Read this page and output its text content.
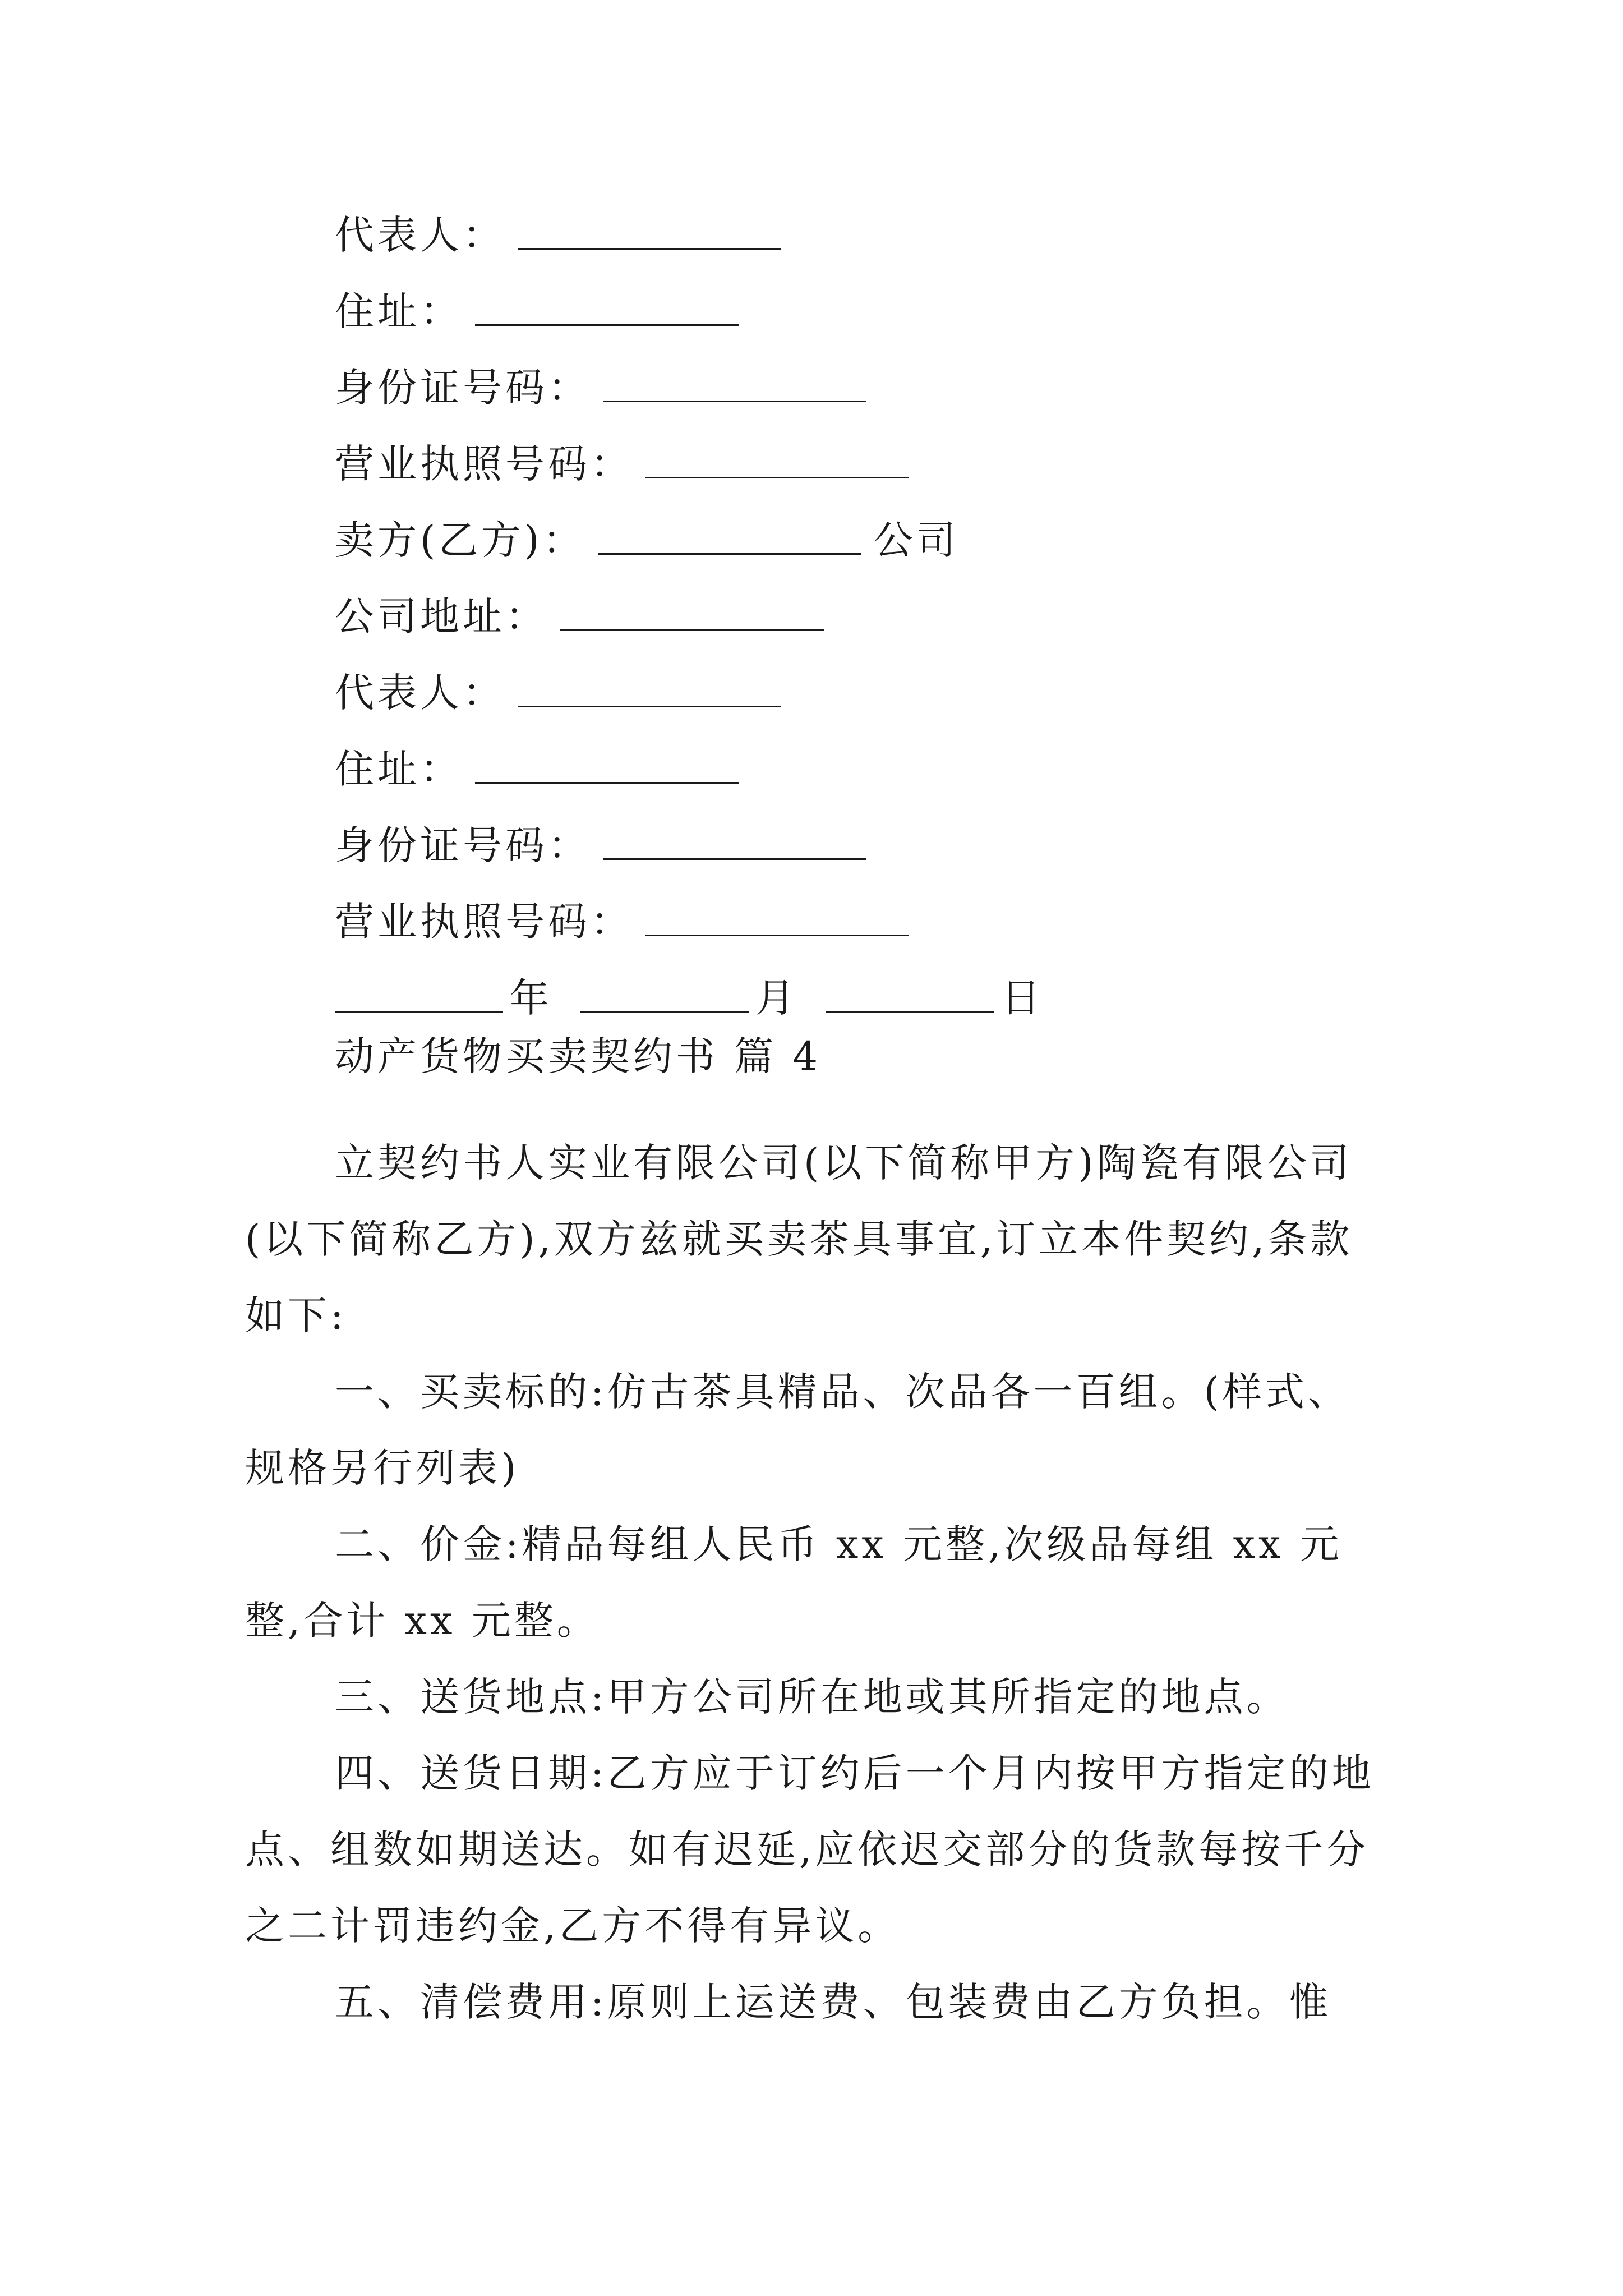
代表人：
住址：
身份证号码：
营业执照号码：
卖方(乙方)：	公司
公司地址：
代表人：
住址：
身份证号码：
营业执照号码：
年	月	日
动产货物买卖契约书 篇 4

立契约书人实业有限公司(以下简称甲方)陶瓷有限公司(以下简称乙方),双方兹就买卖茶具事宜,订立本件契约,条款如下:

一、买卖标的:仿古茶具精品、次品各一百组。(样式、规格另行列表)

二、价金:精品每组人民币 xx 元整,次级品每组 xx 元整,合计 xx 元整。

三、送货地点:甲方公司所在地或其所指定的地点。

四、送货日期:乙方应于订约后一个月内按甲方指定的地点、组数如期送达。如有迟延,应依迟交部分的货款每按千分之二计罚违约金,乙方不得有异议。

五、清偿费用:原则上运送费、包装费由乙方负担。惟
